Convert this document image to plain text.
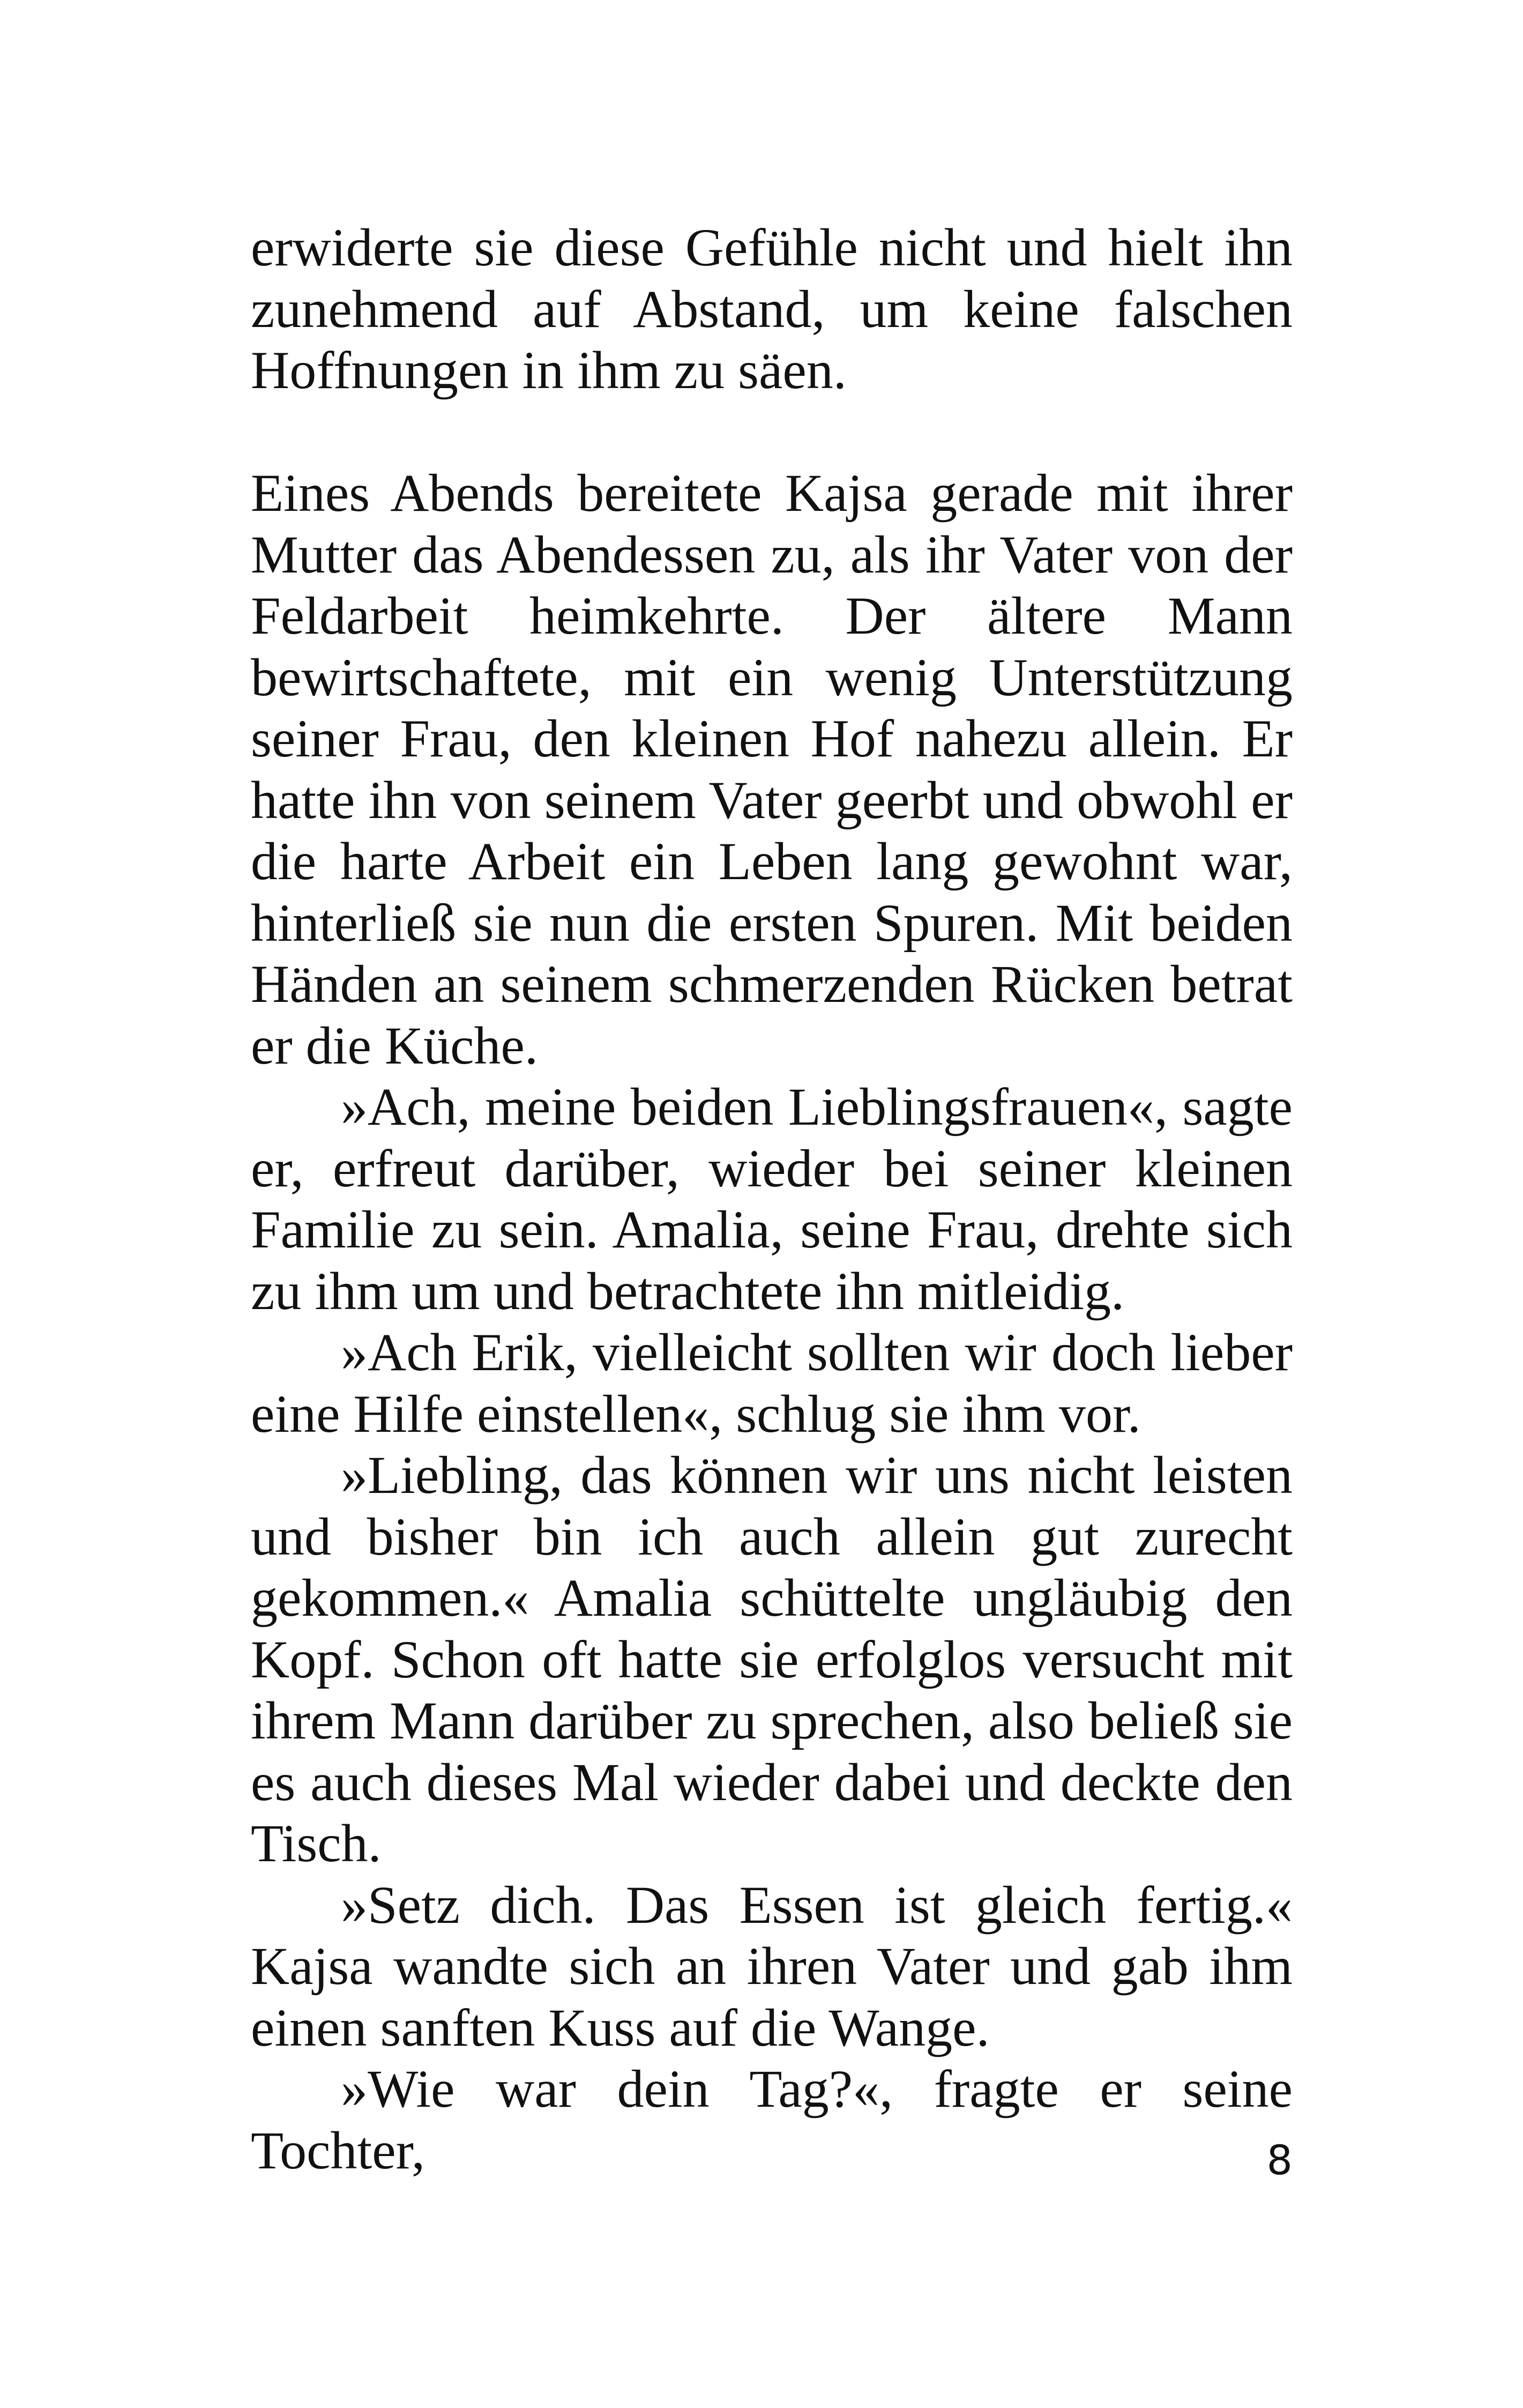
erwiderte sie diese Gefühle nicht und hielt ihn zunehmend auf Abstand, um keine falschen Hoffnungen in ihm zu säen.

Eines Abends bereitete Kajsa gerade mit ihrer Mutter das Abendessen zu, als ihr Vater von der Feldarbeit heimkehrte. Der ältere Mann bewirtschaftete, mit ein wenig Unterstützung seiner Frau, den kleinen Hof nahezu allein. Er hatte ihn von seinem Vater geerbt und obwohl er die harte Arbeit ein Leben lang gewohnt war, hinterließ sie nun die ersten Spuren. Mit beiden Händen an seinem schmerzenden Rücken betrat er die Küche.

»Ach, meine beiden Lieblingsfrauen«, sagte er, erfreut darüber, wieder bei seiner kleinen Familie zu sein. Amalia, seine Frau, drehte sich zu ihm um und betrachtete ihn mitleidig.

»Ach Erik, vielleicht sollten wir doch lieber eine Hilfe einstellen«, schlug sie ihm vor.

»Liebling, das können wir uns nicht leisten und bisher bin ich auch allein gut zurecht gekommen.« Amalia schüttelte ungläubig den Kopf. Schon oft hatte sie erfolglos versucht mit ihrem Mann darüber zu sprechen, also beließ sie es auch dieses Mal wieder dabei und deckte den Tisch.

»Setz dich. Das Essen ist gleich fertig.« Kajsa wandte sich an ihren Vater und gab ihm einen sanften Kuss auf die Wange.

»Wie war dein Tag?«, fragte er seine Tochter,	8
